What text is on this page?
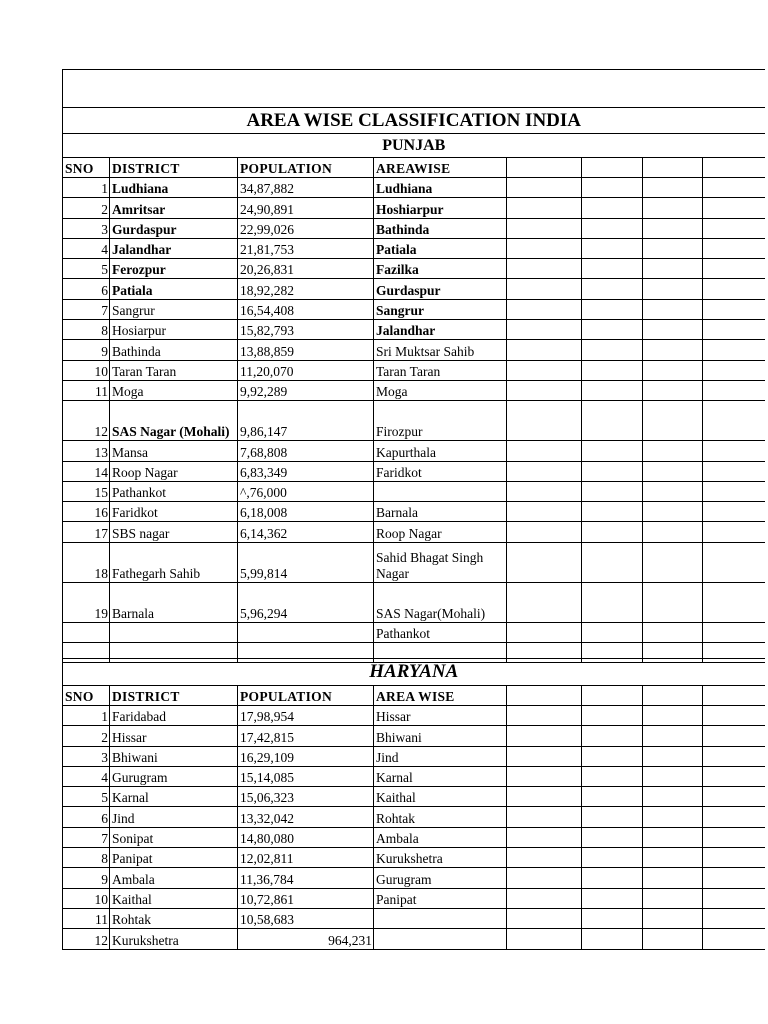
AREA WISE CLASSIFICATION INDIA							
PUNJAB							
SNO	DISTRICT	POPULATION	AREAWISE				
1	Ludhiana	34,87,882	Ludhiana				
2	Amritsar	24,90,891	Hoshiarpur				
3	Gurdaspur	22,99,026	Bathinda				
4	Jalandhar	21,81,753	Patiala				
5	Ferozpur	20,26,831	Fazilka				
6	Patiala	18,92,282	Gurdaspur				
7	Sangrur	16,54,408	Sangrur				
8	Hosiarpur	15,82,793	Jalandhar				
9	Bathinda	13,88,859	Sri Muktsar Sahib				
10	Taran Taran	11,20,070	Taran Taran				
11	Moga	9,92,289	Moga				
12	SAS Nagar (Mohali)	9,86,147	Firozpur				
13	Mansa	7,68,808	Kapurthala				
14	Roop Nagar	6,83,349	Faridkot				
15	Pathankot	^,76,000					
16	Faridkot	6,18,008	Barnala				
17	SBS nagar	6,14,362	Roop Nagar				
18	Fathegarh Sahib	5,99,814	Sahid Bhagat Singh Nagar				
19	Barnala	5,96,294	SAS Nagar(Mohali)				
			Pathankot				

HARYANA							
SNO	DISTRICT	POPULATION	AREA WISE				
1	Faridabad	17,98,954	Hissar				
2	Hissar	17,42,815	Bhiwani				
3	Bhiwani	16,29,109	Jind				
4	Gurugram	15,14,085	Karnal				
5	Karnal	15,06,323	Kaithal				
6	Jind	13,32,042	Rohtak				
7	Sonipat	14,80,080	Ambala				
8	Panipat	12,02,811	Kurukshetra				
9	Ambala	11,36,784	Gurugram				
10	Kaithal	10,72,861	Panipat				
11	Rohtak	10,58,683					
12	Kurukshetra	964,231					
